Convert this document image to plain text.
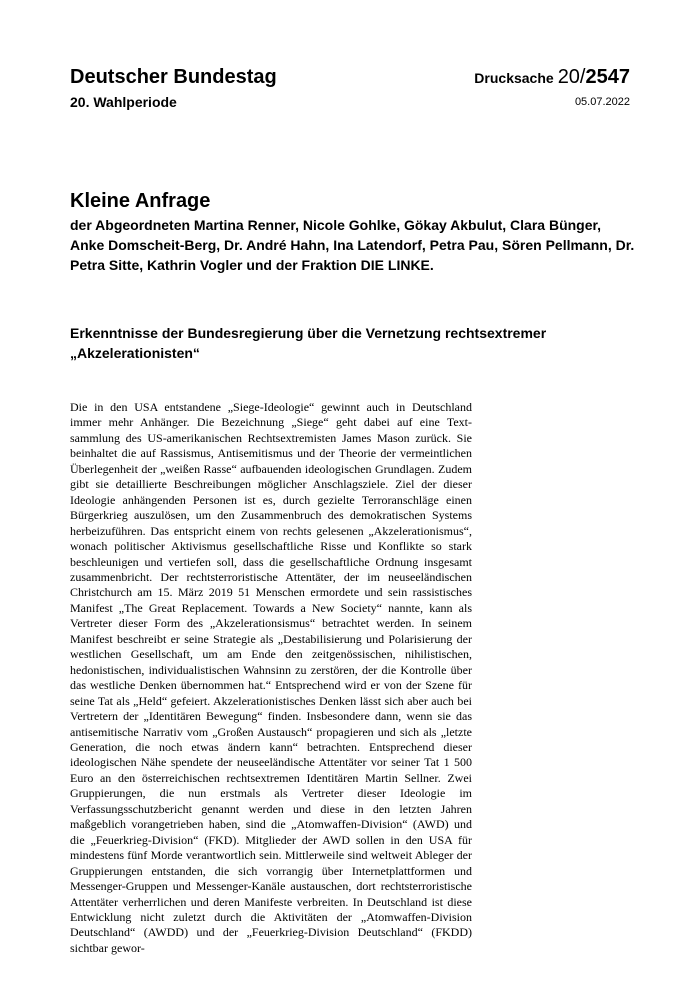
Deutscher Bundestag
20. Wahlperiode
Drucksache 20/2547
05.07.2022
Kleine Anfrage
der Abgeordneten Martina Renner, Nicole Gohlke, Gökay Akbulut, Clara Bünger, Anke Domscheit-Berg, Dr. André Hahn, Ina Latendorf, Petra Pau, Sören Pellmann, Dr. Petra Sitte, Kathrin Vogler und der Fraktion DIE LINKE.
Erkenntnisse der Bundesregierung über die Vernetzung rechtsextremer „Akzelerationisten“
Die in den USA entstandene „Siege-Ideologie“ gewinnt auch in Deutschland immer mehr Anhänger. Die Bezeichnung „Siege“ geht dabei auf eine Textsammlung des US-amerikanischen Rechtsextremisten James Mason zurück. Sie beinhaltet die auf Rassismus, Antisemitismus und der Theorie der vermeintlichen Überlegenheit der „weißen Rasse“ aufbauenden ideologischen Grundlagen. Zudem gibt sie detaillierte Beschreibungen möglicher Anschlagsziele. Ziel der dieser Ideologie anhängenden Personen ist es, durch gezielte Terroranschläge einen Bürgerkrieg auszulösen, um den Zusammenbruch des demokratischen Systems herbeizuführen. Das entspricht einem von rechts gelesenen „Akzelerationismus“, wonach politischer Aktivismus gesellschaftliche Risse und Konflikte so stark beschleunigen und vertiefen soll, dass die gesellschaftliche Ordnung insgesamt zusammenbricht. Der rechtsterroristische Attentäter, der im neuseeländischen Christchurch am 15. März 2019 51 Menschen ermordete und sein rassistisches Manifest „The Great Replacement. Towards a New Society“ nannte, kann als Vertreter dieser Form des „Akzelerationsismus“ betrachtet werden. In seinem Manifest beschreibt er seine Strategie als „Destabilisierung und Polarisierung der westlichen Gesellschaft, um am Ende den zeitgenössischen, nihilistischen, hedonistischen, individualistischen Wahnsinn zu zerstören, der die Kontrolle über das westliche Denken übernommen hat.“ Entsprechend wird er von der Szene für seine Tat als „Held“ gefeiert. Akzelerationistisches Denken lässt sich aber auch bei Vertretern der „Identitären Bewegung“ finden. Insbesondere dann, wenn sie das antisemitische Narrativ vom „Großen Austausch“ propagieren und sich als „letzte Generation, die noch etwas ändern kann“ betrachten. Entsprechend dieser ideologischen Nähe spendete der neuseeländische Attentäter vor seiner Tat 1 500 Euro an den österreichischen rechtsextremen Identitären Martin Sellner. Zwei Gruppierungen, die nun erstmals als Vertreter dieser Ideologie im Verfassungsschutzbericht genannt werden und diese in den letzten Jahren maßgeblich vorangetrieben haben, sind die „Atomwaffen-Division“ (AWD) und die „Feuerkrieg-Division“ (FKD). Mitglieder der AWD sollen in den USA für mindestens fünf Morde verantwortlich sein. Mittlerweile sind weltweit Ableger der Gruppierungen entstanden, die sich vorrangig über Internetplattformen und Messenger-Gruppen und Messenger-Kanäle austauschen, dort rechtsterroristische Attentäter verherrlichen und deren Manifeste verbreiten. In Deutschland ist diese Entwicklung nicht zuletzt durch die Aktivitäten der „Atomwaffen-Division Deutschland“ (AWDD) und der „Feuerkrieg-Division Deutschland“ (FKDD) sichtbar gewor-
